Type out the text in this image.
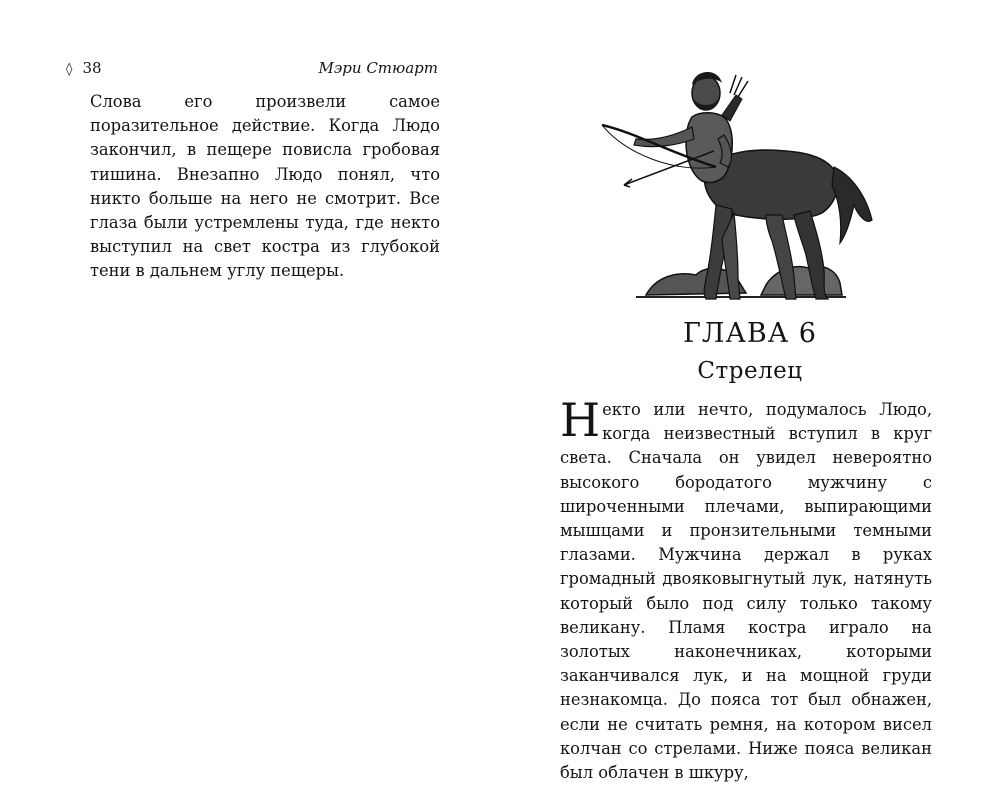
◊ 38	Мэри Стюарт

Слова его произвели самое поразительное действие. Когда Людо закончил, в пещере повисла гробовая тишина. Внезапно Людо понял, что никто больше на него не смотрит. Все глаза были устремлены туда, где некто выступил на свет костра из глубокой тени в дальнем углу пещеры.

ГЛАВА 6
Стрелец

Некто или нечто, подумалось Людо, когда неизвестный вступил в круг света. Сначала он увидел невероятно высокого бородатого мужчину с широченными плечами, выпирающими мышцами и пронзительными темными глазами. Мужчина держал в руках громадный двояковыгнутый лук, натянуть который было под силу только такому великану. Пламя костра играло на золотых наконечниках, которыми заканчивался лук, и на мощной груди незнакомца. До пояса тот был обнажен, если не считать ремня, на котором висел колчан со стрелами. Ниже пояса великан был облачен в шкуру,
